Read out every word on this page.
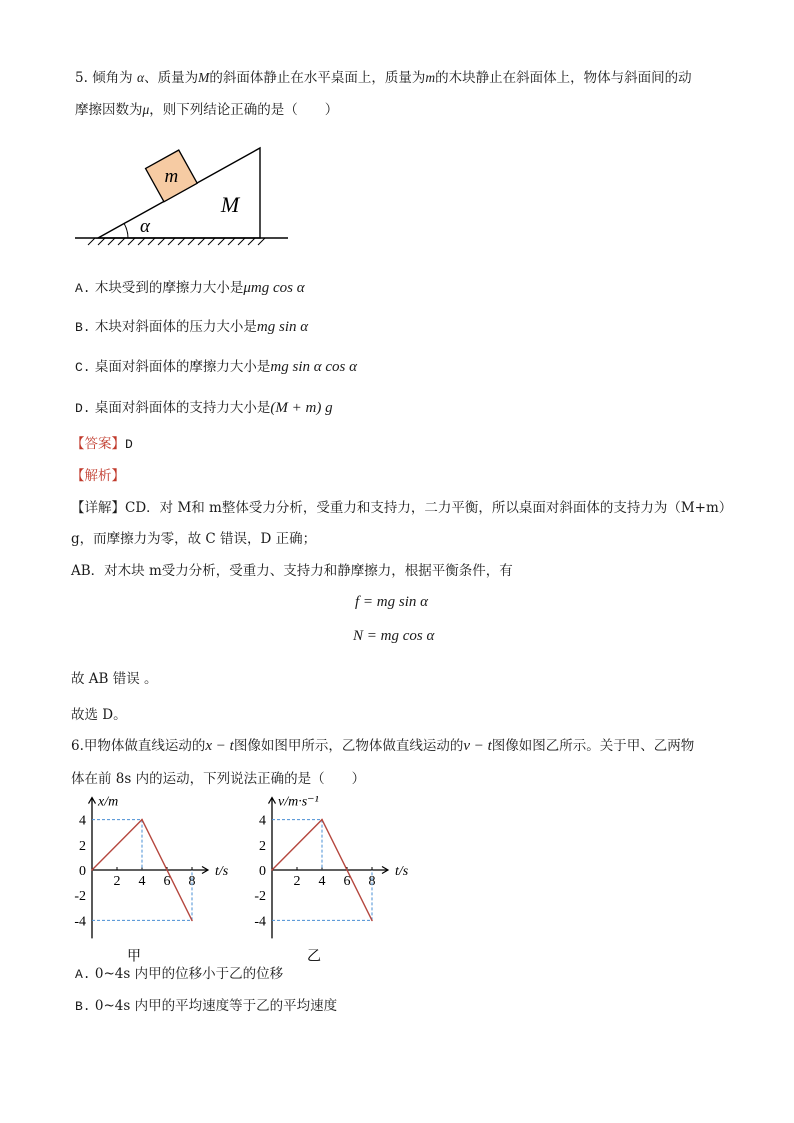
5. 倾角为 α、质量为M的斜面体静止在水平桌面上，质量为m的木块静止在斜面体上，物体与斜面间的动
摩擦因数为μ，则下列结论正确的是（　　）
m
M
α
A. 木块受到的摩擦力大小是μmg cos α
B. 木块对斜面体的压力大小是mg sin α
C. 桌面对斜面体的摩擦力大小是mg sin α cos α
D. 桌面对斜面体的支持力大小是(M + m) g
【答案】D
【解析】
【详解】CD．对 M和 m整体受力分析，受重力和支持力，二力平衡，所以桌面对斜面体的支持力为（M+m）
g，而摩擦力为零，故 C 错误，D 正确；
AB．对木块 m受力分析，受重力、支持力和静摩擦力，根据平衡条件，有
f = mg sin α
N = mg cos α
故 AB 错误 。
故选 D。
6.甲物体做直线运动的x − t图像如图甲所示，乙物体做直线运动的v − t图像如图乙所示。关于甲、乙两物
体在前 8s 内的运动，下列说法正确的是（　　）
x/m
t/s
4
2
0
-2
-4
2 4 6 8
甲
v/m·s⁻¹
t/s
4
2
0
-2
-4
2 4 6 8
乙
A. 0~4s 内甲的位移小于乙的位移
B. 0~4s 内甲的平均速度等于乙的平均速度
